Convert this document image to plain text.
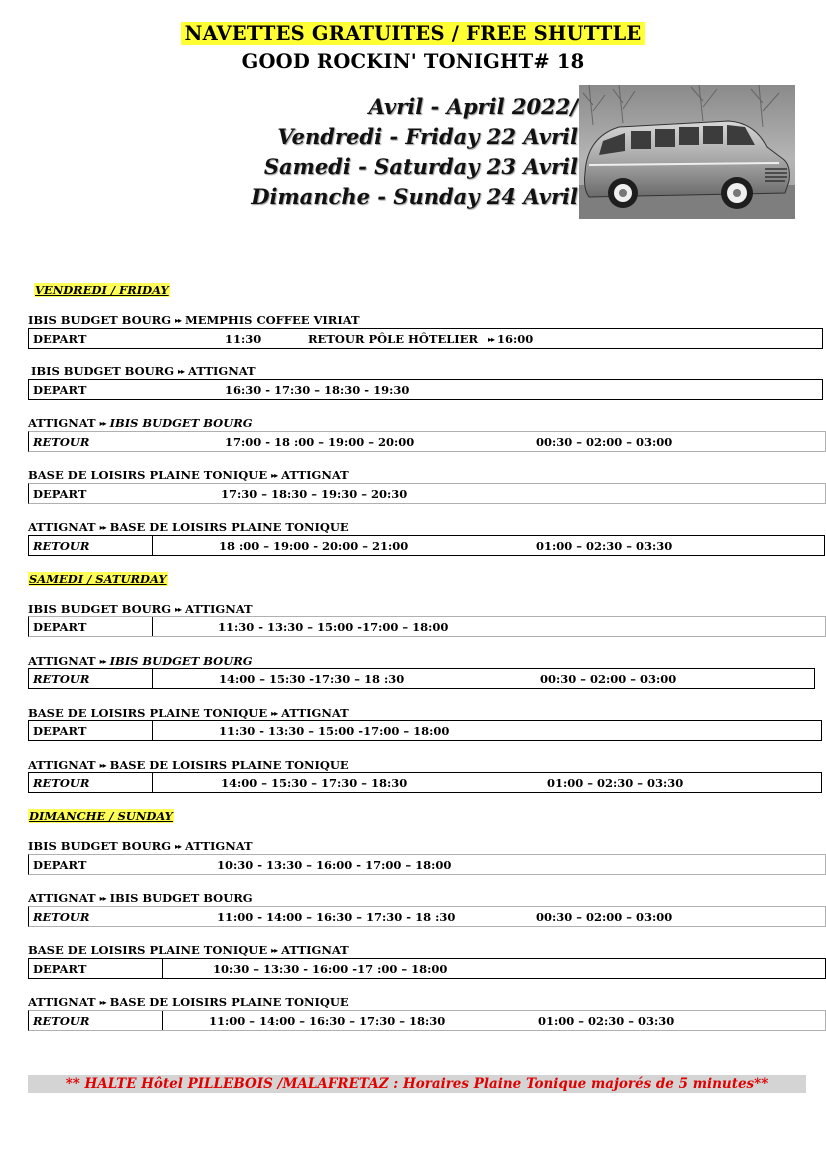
NAVETTES GRATUITES / FREE SHUTTLE
GOOD ROCKIN' TONIGHT# 18
Avril - April 2022/
Vendredi - Friday 22 Avril
Samedi - Saturday 23 Avril
Dimanche - Sunday 24 Avril
VENDREDI / FRIDAY
IBIS BUDGET BOURG ▸▸ MEMPHIS COFFEE VIRIAT
DEPART	11:30	RETOUR PÔLE HÔTELIER ▸▸ 16:00
IBIS BUDGET BOURG ▸▸ ATTIGNAT
DEPART	16:30 - 17:30 – 18:30 - 19:30
ATTIGNAT ▸▸ IBIS BUDGET BOURG
RETOUR	17:00 - 18 :00 – 19:00 – 20:00	00:30 – 02:00 – 03:00
BASE DE LOISIRS PLAINE TONIQUE ▸▸ ATTIGNAT
DEPART	17:30 – 18:30 – 19:30 – 20:30
ATTIGNAT ▸▸ BASE DE LOISIRS PLAINE TONIQUE
RETOUR	18 :00 – 19:00 - 20:00 – 21:00	01:00 – 02:30 – 03:30
SAMEDI / SATURDAY
IBIS BUDGET BOURG ▸▸ ATTIGNAT
DEPART	11:30 - 13:30 – 15:00 -17:00 – 18:00
ATTIGNAT ▸▸ IBIS BUDGET BOURG
RETOUR	14:00 – 15:30 -17:30 – 18 :30	00:30 – 02:00 – 03:00
BASE DE LOISIRS PLAINE TONIQUE ▸▸ ATTIGNAT
DEPART	11:30 - 13:30 – 15:00 -17:00 – 18:00
ATTIGNAT ▸▸ BASE DE LOISIRS PLAINE TONIQUE
RETOUR	14:00 – 15:30 – 17:30 – 18:30	01:00 – 02:30 – 03:30
DIMANCHE / SUNDAY
IBIS BUDGET BOURG ▸▸ ATTIGNAT
DEPART	10:30 - 13:30 – 16:00 - 17:00 – 18:00
ATTIGNAT ▸▸ IBIS BUDGET BOURG
RETOUR	11:00 - 14:00 – 16:30 – 17:30 - 18 :30	00:30 – 02:00 – 03:00
BASE DE LOISIRS PLAINE TONIQUE ▸▸ ATTIGNAT
DEPART	10:30 – 13:30 - 16:00 -17 :00 – 18:00
ATTIGNAT ▸▸ BASE DE LOISIRS PLAINE TONIQUE
RETOUR	11:00 – 14:00 – 16:30 – 17:30 – 18:30	01:00 – 02:30 – 03:30
** HALTE Hôtel PILLEBOIS /MALAFRETAZ : Horaires Plaine Tonique majorés de 5 minutes**
